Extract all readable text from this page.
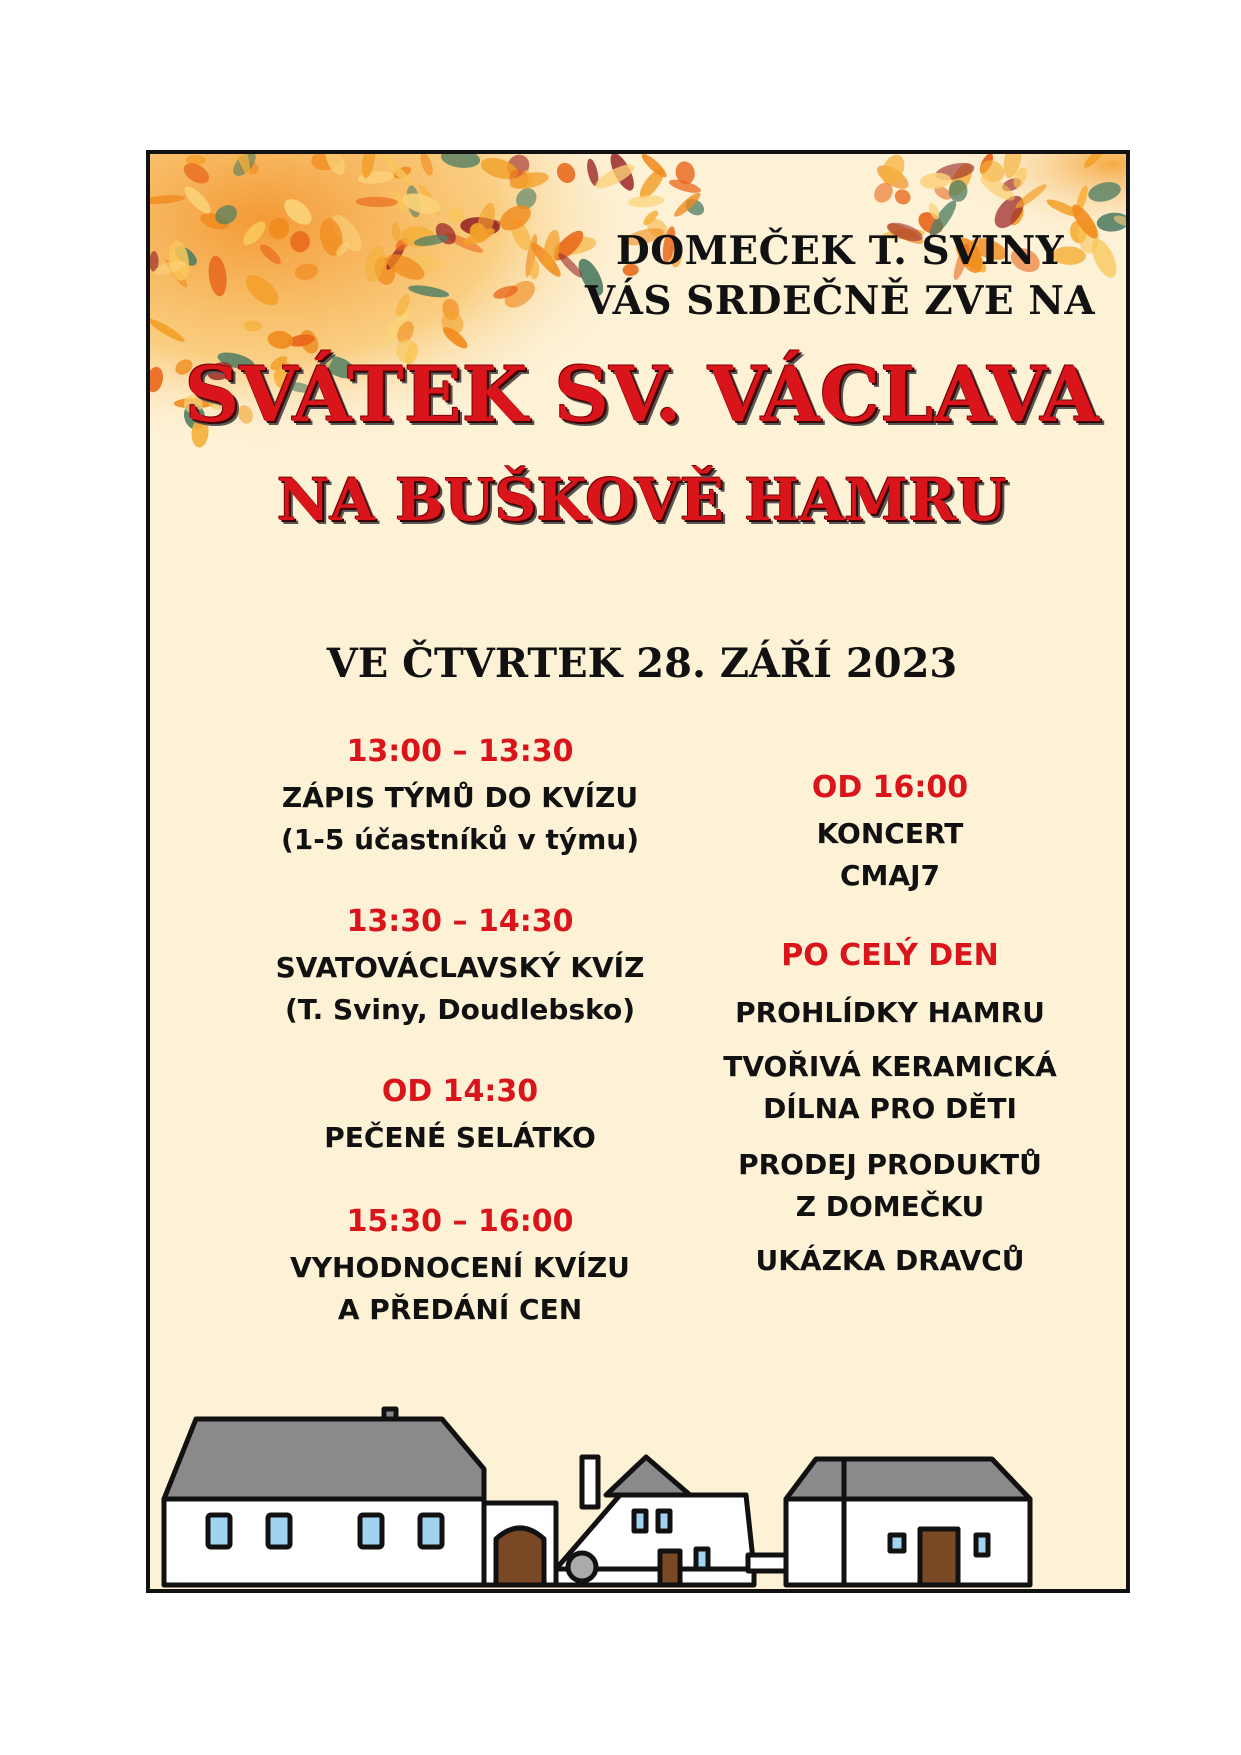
DOMEČEK T. SVINY
VÁS SRDEČNĚ ZVE NA
SVÁTEK SV. VÁCLAVA
NA BUŠKOVĚ HAMRU
VE ČTVRTEK 28. ZÁŘÍ 2023
13:00 – 13:30
ZÁPIS TÝMŮ DO KVÍZU
(1-5 účastníků v týmu)
13:30 – 14:30
SVATOVÁCLAVSKÝ KVÍZ
(T. Sviny, Doudlebsko)
OD 14:30
PEČENÉ SELÁTKO
15:30 – 16:00
VYHODNOCENÍ KVÍZU
A PŘEDÁNÍ CEN
OD 16:00
KONCERT
CMAJ7
PO CELÝ DEN
PROHLÍDKY HAMRU
TVOŘIVÁ KERAMICKÁ
DÍLNA PRO DĚTI
PRODEJ PRODUKTŮ
Z DOMEČKU
UKÁZKA DRAVCŮ
